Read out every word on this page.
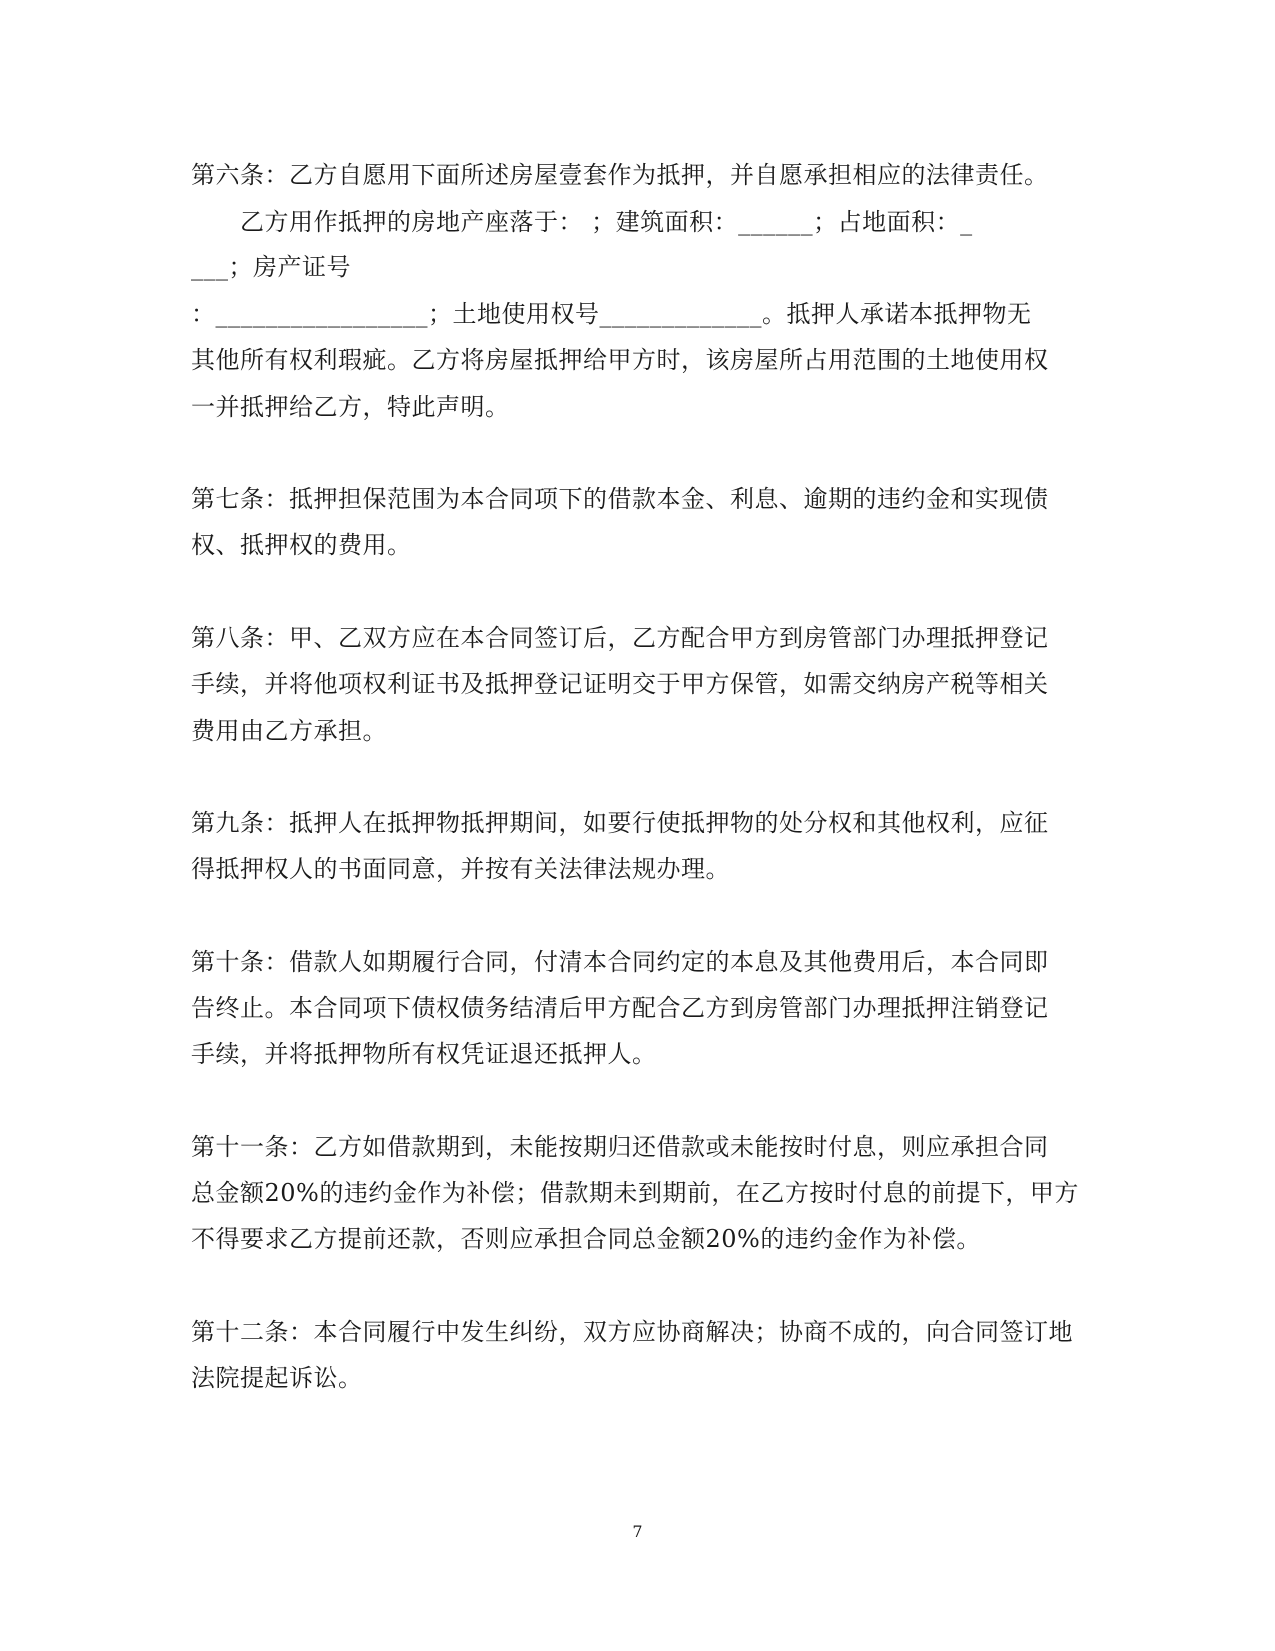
第六条：乙方自愿用下面所述房屋壹套作为抵押，并自愿承担相应的法律责任。
乙方用作抵押的房地产座落于： ；建筑面积：______；占地面积：_
___；房产证号
：_________________；土地使用权号_____________。抵押人承诺本抵押物无
其他所有权利瑕疵。乙方将房屋抵押给甲方时，该房屋所占用范围的土地使用权
一并抵押给乙方，特此声明。
第七条：抵押担保范围为本合同项下的借款本金、利息、逾期的违约金和实现债
权、抵押权的费用。
第八条：甲、乙双方应在本合同签订后，乙方配合甲方到房管部门办理抵押登记
手续，并将他项权利证书及抵押登记证明交于甲方保管，如需交纳房产税等相关
费用由乙方承担。
第九条：抵押人在抵押物抵押期间，如要行使抵押物的处分权和其他权利，应征
得抵押权人的书面同意，并按有关法律法规办理。
第十条：借款人如期履行合同，付清本合同约定的本息及其他费用后，本合同即
告终止。本合同项下债权债务结清后甲方配合乙方到房管部门办理抵押注销登记
手续，并将抵押物所有权凭证退还抵押人。
第十一条：乙方如借款期到，未能按期归还借款或未能按时付息，则应承担合同
总金额20%的违约金作为补偿；借款期未到期前，在乙方按时付息的前提下，甲方
不得要求乙方提前还款，否则应承担合同总金额20%的违约金作为补偿。
第十二条：本合同履行中发生纠纷，双方应协商解决；协商不成的，向合同签订地
法院提起诉讼。
7
